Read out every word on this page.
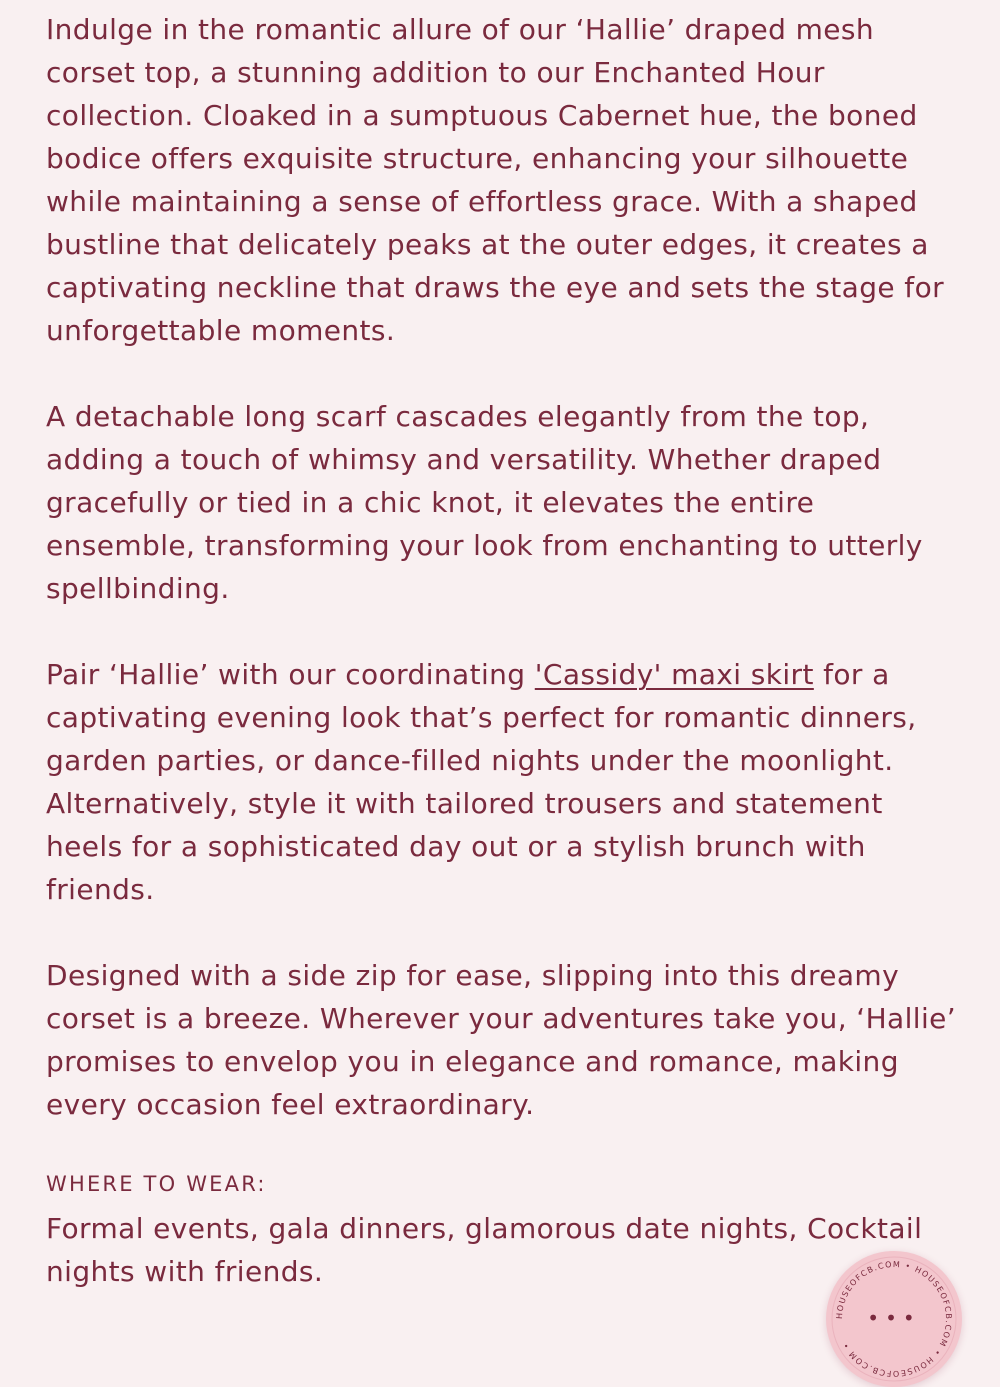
Indulge in the romantic allure of our ‘Hallie’ draped mesh corset top, a stunning addition to our Enchanted Hour collection. Cloaked in a sumptuous Cabernet hue, the boned bodice offers exquisite structure, enhancing your silhouette while maintaining a sense of effortless grace. With a shaped bustline that delicately peaks at the outer edges, it creates a captivating neckline that draws the eye and sets the stage for unforgettable moments.

A detachable long scarf cascades elegantly from the top, adding a touch of whimsy and versatility. Whether draped gracefully or tied in a chic knot, it elevates the entire ensemble, transforming your look from enchanting to utterly spellbinding.

Pair ‘Hallie’ with our coordinating 'Cassidy' maxi skirt for a captivating evening look that’s perfect for romantic dinners, garden parties, or dance-filled nights under the moonlight. Alternatively, style it with tailored trousers and statement heels for a sophisticated day out or a stylish brunch with friends.

Designed with a side zip for ease, slipping into this dreamy corset is a breeze. Wherever your adventures take you, ‘Hallie’ promises to envelop you in elegance and romance, making every occasion feel extraordinary.

WHERE TO WEAR:

Formal events, gala dinners, glamorous date nights, Cocktail nights with friends.

HOUSEOFCB.COM • HOUSEOFCB.COM • HOUSEOFCB.COM •
•••
